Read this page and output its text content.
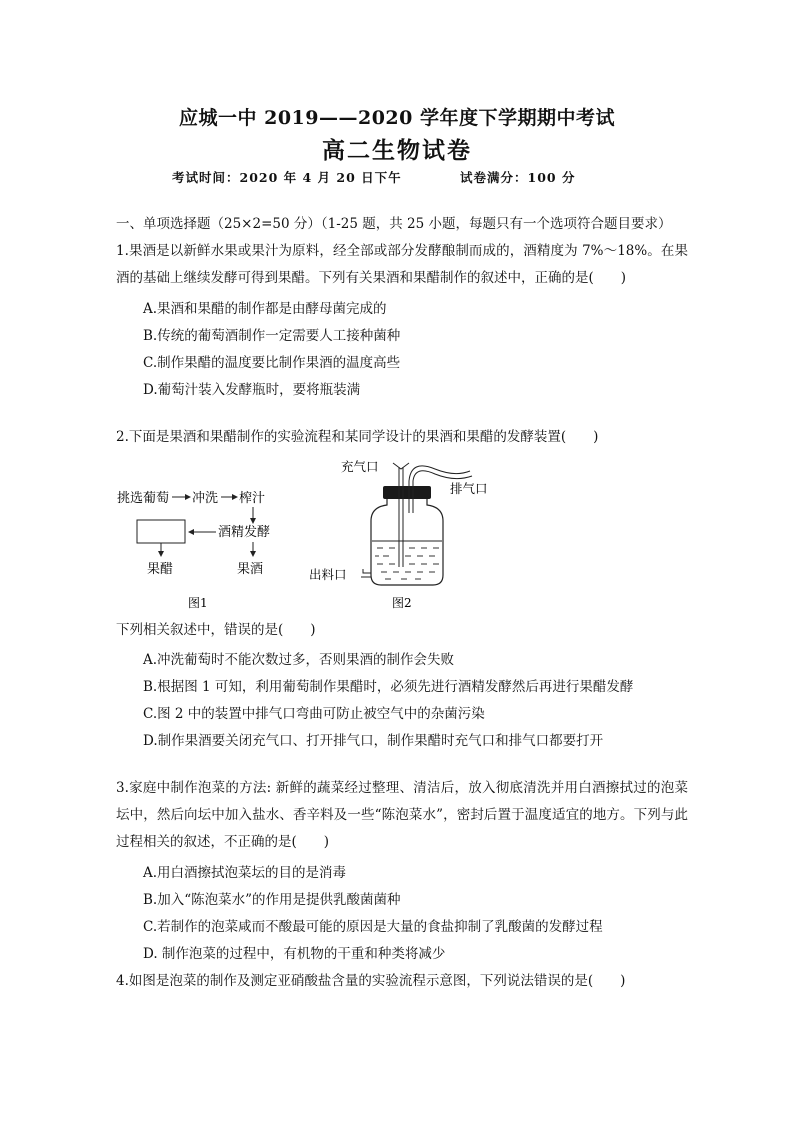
应城一中 2019——2020 学年度下学期期中考试
高二生物试卷
考试时间：2020 年 4 月 20 日下午	试卷满分：100 分
一、单项选择题（25×2=50 分）（1-25 题，共 25 小题，每题只有一个选项符合题目要求）
1.果酒是以新鲜水果或果汁为原料，经全部或部分发酵酿制而成的，酒精度为 7%～18%。在果酒的基础上继续发酵可得到果醋。下列有关果酒和果醋制作的叙述中，正确的是(　　)
A.果酒和果醋的制作都是由酵母菌完成的
B.传统的葡萄酒制作一定需要人工接种菌种
C.制作果醋的温度要比制作果酒的温度高些
D.葡萄汁装入发酵瓶时，要将瓶装满
2.下面是果酒和果醋制作的实验流程和某同学设计的果酒和果醋的发酵装置(　　)
挑选葡萄 冲洗 榨汁
酒精发酵
果醋	果酒
图1
充气口
排气口
出料口
图2
下列相关叙述中，错误的是(　　)
A.冲洗葡萄时不能次数过多，否则果酒的制作会失败
B.根据图 1 可知，利用葡萄制作果醋时，必须先进行酒精发酵然后再进行果醋发酵
C.图 2 中的装置中排气口弯曲可防止被空气中的杂菌污染
D.制作果酒要关闭充气口、打开排气口，制作果醋时充气口和排气口都要打开
3.家庭中制作泡菜的方法: 新鲜的蔬菜经过整理、清洁后，放入彻底清洗并用白酒擦拭过的泡菜坛中，然后向坛中加入盐水、香辛料及一些“陈泡菜水”，密封后置于温度适宜的地方。下列与此过程相关的叙述，不正确的是(　　)
A.用白酒擦拭泡菜坛的目的是消毒
B.加入“陈泡菜水”的作用是提供乳酸菌菌种
C.若制作的泡菜咸而不酸最可能的原因是大量的食盐抑制了乳酸菌的发酵过程
D. 制作泡菜的过程中，有机物的干重和种类将减少
4.如图是泡菜的制作及测定亚硝酸盐含量的实验流程示意图，下列说法错误的是(　　)
